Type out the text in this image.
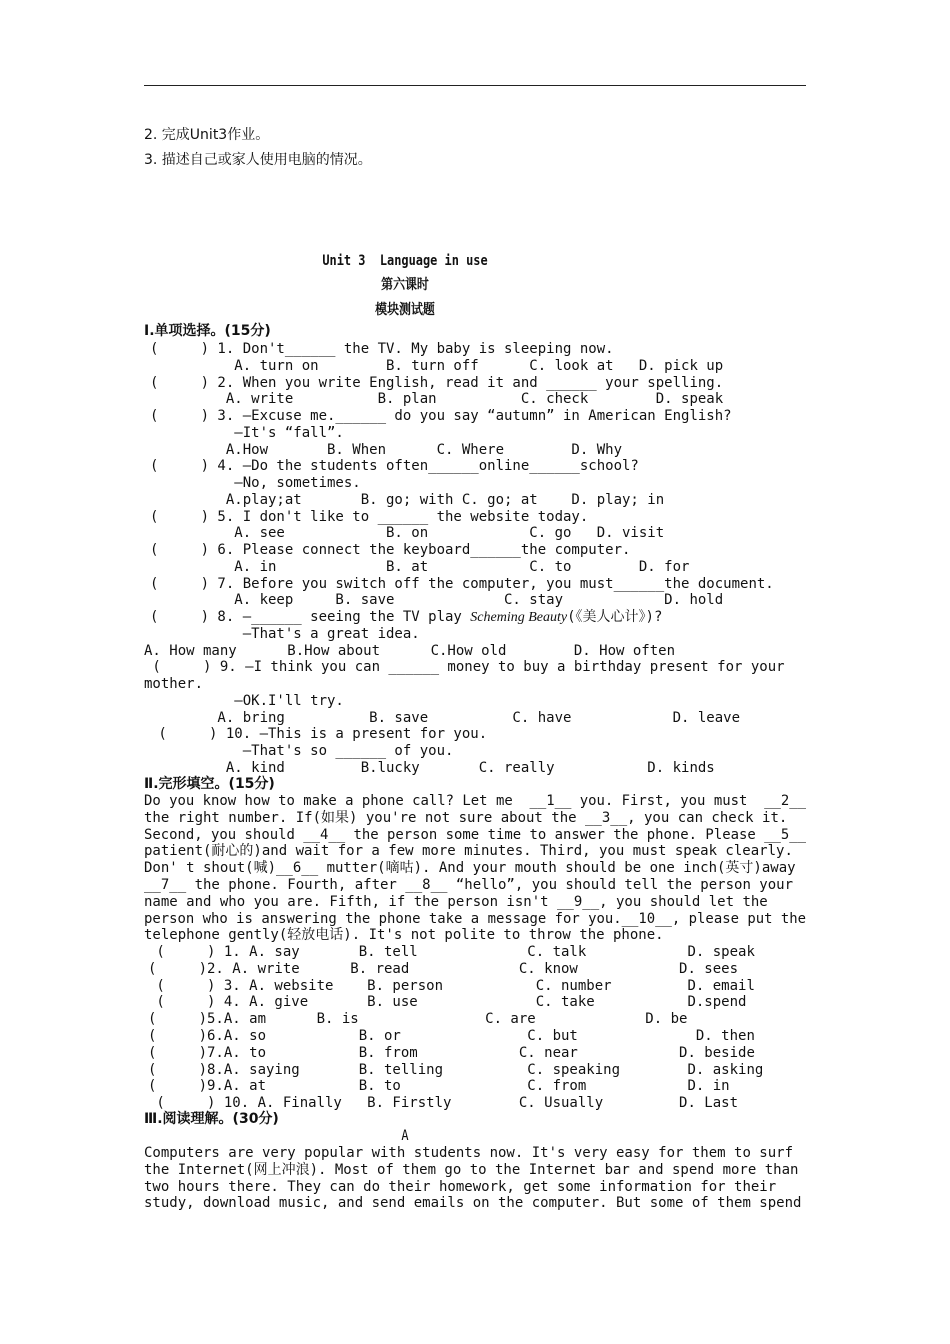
2. 完成Unit3作业。
3. 描述自己或家人使用电脑的情况。
Unit 3  Language in use
第六课时
模块测试题
Ⅰ.单项选择。(15分)
(     ) 1. Don't______ the TV. My baby is sleeping now.
A. turn on        B. turn off      C. look at   D. pick up
(     ) 2. When you write English, read it and ______ your spelling.
A. write          B. plan          C. check        D. speak
(     ) 3. —Excuse me.______ do you say “autumn” in American English?
—It's “fall”.
A.How       B. When      C. Where        D. Why
(     ) 4. —Do the students often______online______school?
—No, sometimes.
A.play;at       B. go; with C. go; at    D. play; in
(     ) 5. I don't like to ______ the website today.
A. see            B. on            C. go   D. visit
(     ) 6. Please connect the keyboard______the computer.
A. in             B. at            C. to        D. for
(     ) 7. Before you switch off the computer, you must______the document.
A. keep     B. save             C. stay            D. hold
(     ) 8. —______ seeing the TV play Scheming Beauty(《美人心计》)?
—That's a great idea.
A. How many      B.How about      C.How old        D. How often
(     ) 9. —I think you can ______ money to buy a birthday present for your
mother.
—OK.I'll try.
A. bring          B. save          C. have            D. leave
(     ) 10. —This is a present for you.
—That's so ______ of you.
A. kind         B.lucky       C. really           D. kinds
Ⅱ.完形填空。(15分)
Do you know how to make a phone call? Let me  __1__ you. First, you must  __2__
the right number. If(如果) you're not sure about the __3__, you can check it.
Second, you should __4__ the person some time to answer the phone. Please __5__
patient(耐心的)and wait for a few more minutes. Third, you must speak clearly.
Don' t shout(喊)__6__ mutter(嘀咕). And your mouth should be one inch(英寸)away
__7__ the phone. Fourth, after __8__ “hello”, you should tell the person your
name and who you are. Fifth, if the person isn't __9__, you should let the
person who is answering the phone take a message for you.__10__, please put the
telephone gently(轻放电话). It's not polite to throw the phone.
(     ) 1. A. say       B. tell             C. talk            D. speak
(     )2. A. write      B. read             C. know            D. sees
(     ) 3. A. website    B. person           C. number         D. email
(     ) 4. A. give       B. use              C. take           D.spend
(     )5.A. am      B. is               C. are             D. be
(     )6.A. so           B. or               C. but              D. then
(     )7.A. to           B. from            C. near            D. beside
(     )8.A. saying       B. telling          C. speaking        D. asking
(     )9.A. at           B. to               C. from            D. in
(     ) 10. A. Finally   B. Firstly        C. Usually         D. Last
Ⅲ.阅读理解。(30分)
A
Computers are very popular with students now. It's very easy for them to surf
the Internet(网上冲浪). Most of them go to the Internet bar and spend more than
two hours there. They can do their homework, get some information for their
study, download music, and send emails on the computer. But some of them spend
